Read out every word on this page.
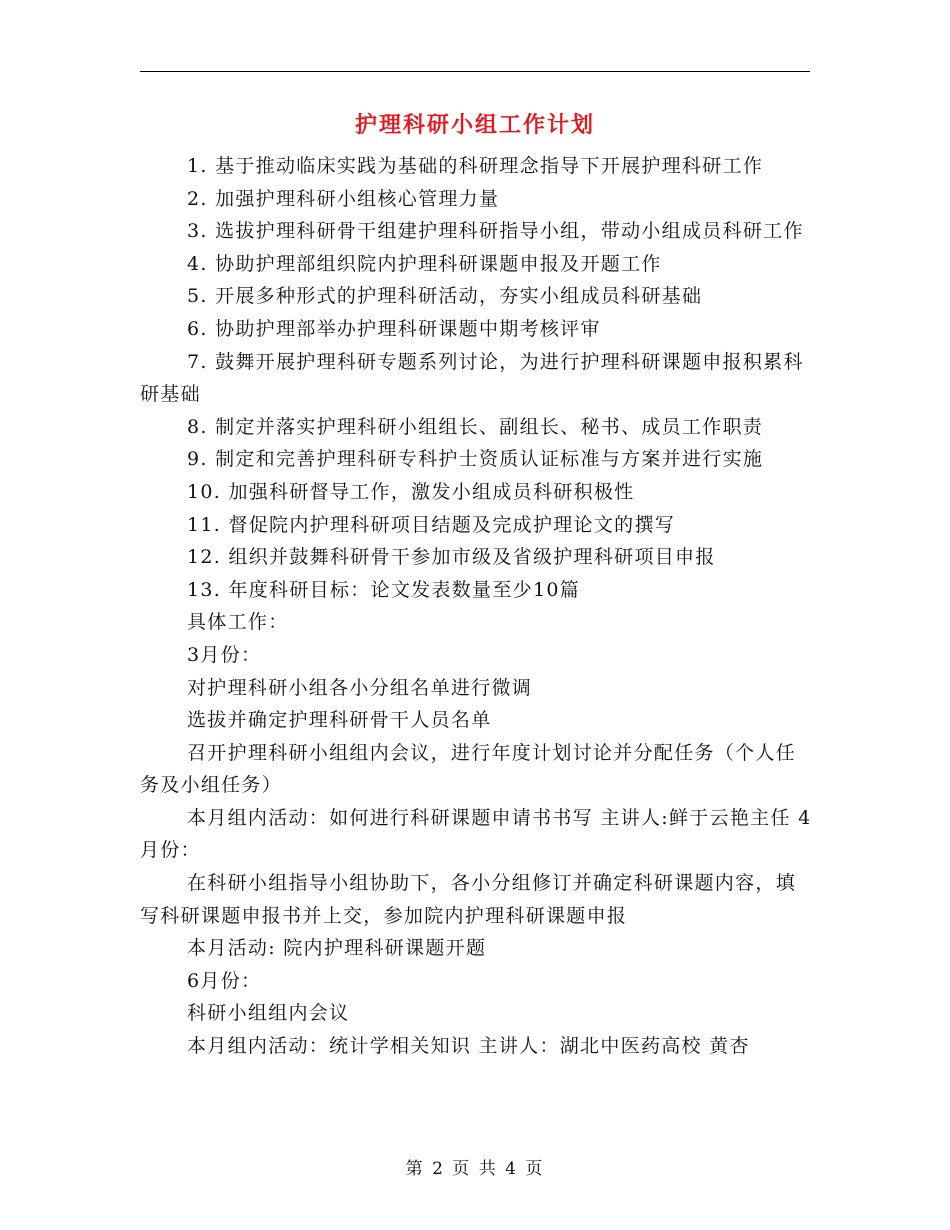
护理科研小组工作计划

1. 基于推动临床实践为基础的科研理念指导下开展护理科研工作

2. 加强护理科研小组核心管理力量

3. 选拔护理科研骨干组建护理科研指导小组，带动小组成员科研工作

4. 协助护理部组织院内护理科研课题申报及开题工作

5. 开展多种形式的护理科研活动，夯实小组成员科研基础

6. 协助护理部举办护理科研课题中期考核评审

7. 鼓舞开展护理科研专题系列讨论，为进行护理科研课题申报积累科研基础

8. 制定并落实护理科研小组组长、副组长、秘书、成员工作职责

9. 制定和完善护理科研专科护士资质认证标准与方案并进行实施

10. 加强科研督导工作，激发小组成员科研积极性

11. 督促院内护理科研项目结题及完成护理论文的撰写

12. 组织并鼓舞科研骨干参加市级及省级护理科研项目申报

13. 年度科研目标：论文发表数量至少10篇

具体工作：

3月份：

对护理科研小组各小分组名单进行微调

选拔并确定护理科研骨干人员名单

召开护理科研小组组内会议，进行年度计划讨论并分配任务（个人任务及小组任务）

本月组内活动：如何进行科研课题申请书书写 主讲人:鲜于云艳主任 4月份：

在科研小组指导小组协助下，各小分组修订并确定科研课题内容，填写科研课题申报书并上交，参加院内护理科研课题申报

本月活动: 院内护理科研课题开题

6月份：

科研小组组内会议

本月组内活动：统计学相关知识 主讲人：湖北中医药高校 黄杏

第 2 页 共 4 页
